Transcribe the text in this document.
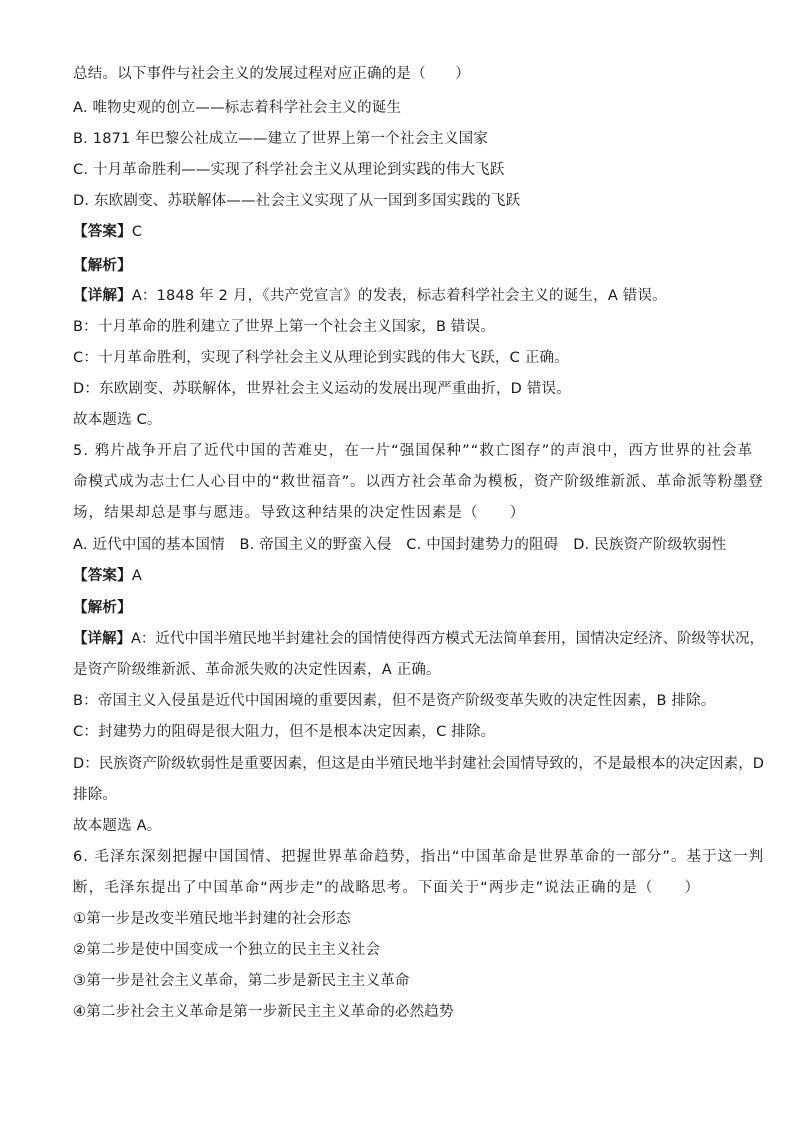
总结。以下事件与社会主义的发展过程对应正确的是（　　）

A. 唯物史观的创立——标志着科学社会主义的诞生

B. 1871 年巴黎公社成立——建立了世界上第一个社会主义国家

C. 十月革命胜利——实现了科学社会主义从理论到实践的伟大飞跃

D. 东欧剧变、苏联解体——社会主义实现了从一国到多国实践的飞跃

【答案】C

【解析】

【详解】A：1848 年 2 月，《共产党宣言》的发表，标志着科学社会主义的诞生，A 错误。

B：十月革命的胜利建立了世界上第一个社会主义国家，B 错误。

C：十月革命胜利，实现了科学社会主义从理论到实践的伟大飞跃，C 正确。

D：东欧剧变、苏联解体，世界社会主义运动的发展出现严重曲折，D 错误。

故本题选 C。

5. 鸦片战争开启了近代中国的苦难史，在一片“强国保种”“救亡图存”的声浪中，西方世界的社会革

命模式成为志士仁人心目中的“救世福音”。以西方社会革命为模板，资产阶级维新派、革命派等粉墨登

场，结果却总是事与愿违。导致这种结果的决定性因素是（　　）

A. 近代中国的基本国情　B. 帝国主义的野蛮入侵　C. 中国封建势力的阻碍　D. 民族资产阶级软弱性

【答案】A

【解析】

【详解】A：近代中国半殖民地半封建社会的国情使得西方模式无法简单套用，国情决定经济、阶级等状况，

是资产阶级维新派、革命派失败的决定性因素，A 正确。

B：帝国主义入侵虽是近代中国困境的重要因素，但不是资产阶级变革失败的决定性因素，B 排除。

C：封建势力的阻碍是很大阻力，但不是根本决定因素，C 排除。

D：民族资产阶级软弱性是重要因素，但这是由半殖民地半封建社会国情导致的，不是最根本的决定因素，D

排除。

故本题选 A。

6. 毛泽东深刻把握中国国情、把握世界革命趋势，指出“中国革命是世界革命的一部分”。基于这一判

断，毛泽东提出了中国革命“两步走”的战略思考。下面关于“两步走”说法正确的是（　　）

①第一步是改变半殖民地半封建的社会形态

②第二步是使中国变成一个独立的民主主义社会

③第一步是社会主义革命，第二步是新民主主义革命

④第二步社会主义革命是第一步新民主主义革命的必然趋势
